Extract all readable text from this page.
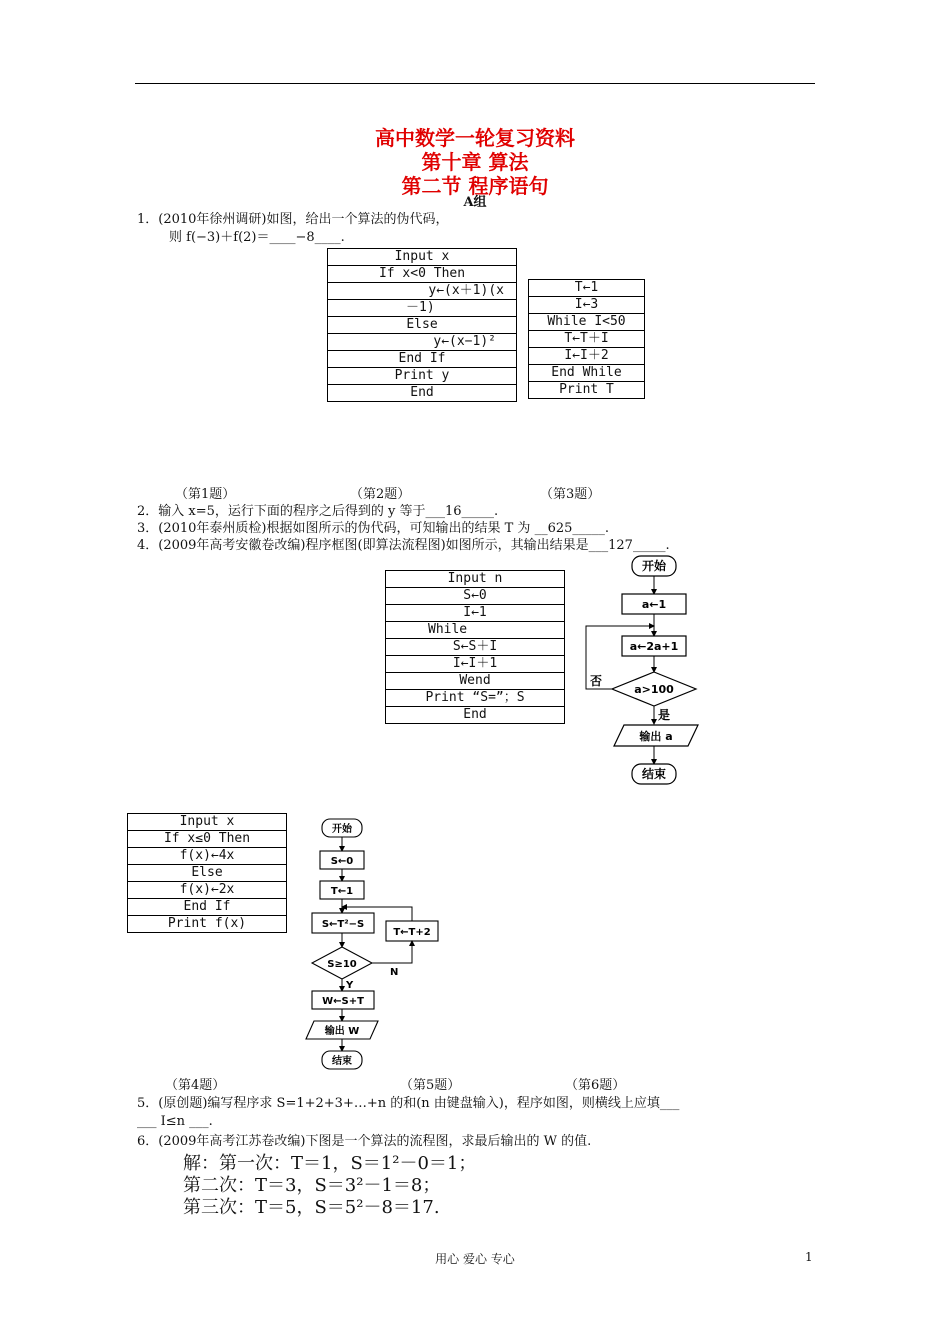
高中数学一轮复习资料
第十章 算法
第二节 程序语句
A组
1．(2010年徐州调研)如图，给出一个算法的伪代码，
则 f(−3)＋f(2)＝____−8____.
Input x
If x<0 Then
y←(x＋1)(x
－1)
Else
y←(x−1)²
End If
Print y
End
T←1
I←3
While I<50
T←T＋I
I←I＋2
End While
Print T
（第1题）	（第2题）	（第3题）
2．输入 x=5，运行下面的程序之后得到的 y 等于___16_____.
3．(2010年泰州质检)根据如图所示的伪代码，可知输出的结果 T 为 __625_____.
4．(2009年高考安徽卷改编)程序框图(即算法流程图)如图所示，其输出结果是___127_____.
Input n
S←0
I←1
While
S←S＋I
I←I＋1
Wend
Print “S=”；S
End
开始
a←1
a←2a+1
a>100
否
是
输出 a
结束
Input x
If x≤0 Then
f(x)←4x
Else
f(x)←2x
End If
Print f(x)
开始
S←0
T←1
S←T²−S
T←T+2
S≥10
N
Y
W←S+T
输出 W
结束
（第4题）	（第5题）	（第6题）
5．(原创题)编写程序求 S=1+2+3+…+n 的和(n 由键盘输入)，程序如图，则横线上应填___
___ I≤n ___.
6．(2009年高考江苏卷改编)下图是一个算法的流程图，求最后输出的 W 的值.
解：第一次：T＝1，S＝1²－0＝1；
第二次：T＝3，S＝3²－1＝8；
第三次：T＝5，S＝5²－8＝17.
用心 爱心 专心	1
